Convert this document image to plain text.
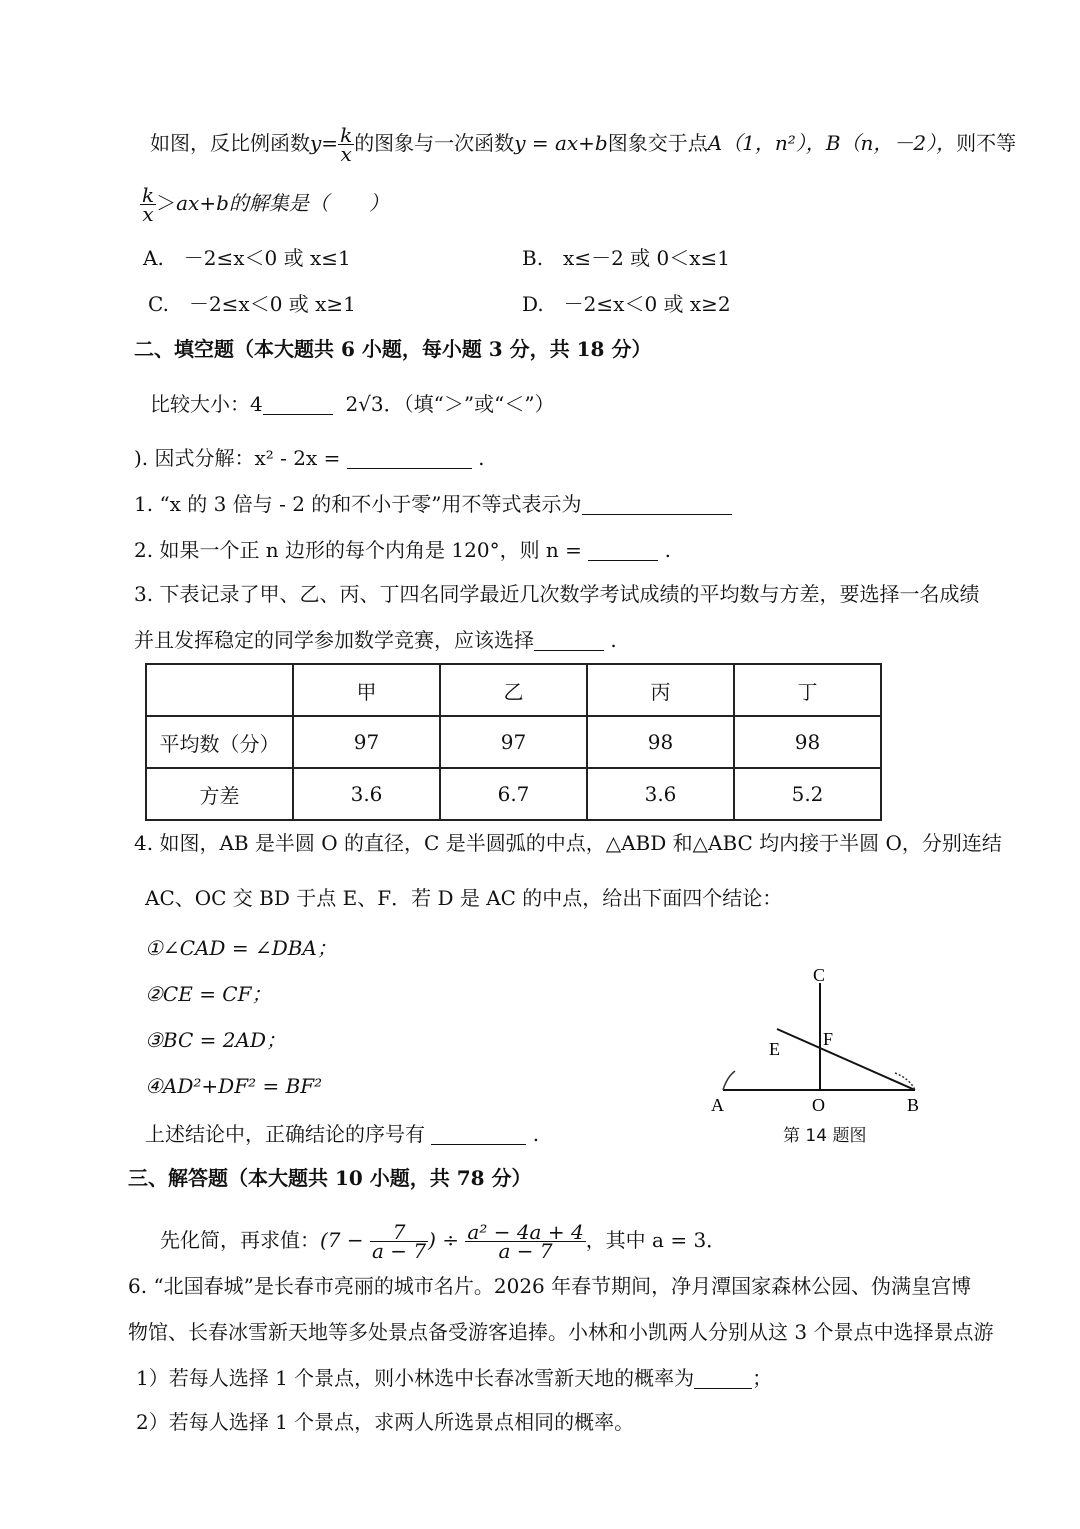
如图，反比例函数$y= \frac{k}{x}$ 的图象与一次函数y = ax+b图象交于点A（1，n²），B（n，－2），则不等
$\frac{k}{x} >ax+b$的解集是（　　）
A.　－2≤x＜0 或 x≤1	B.　x≤－2 或 0＜x≤1
C.　－2≤x＜0 或 x≥1	D.　－2≤x＜0 或 x≥2
二、填空题（本大题共 6 小题，每小题 3 分，共 18 分）
比较大小：4	2√3．（填“＞”或“＜”）
). 因式分解：x² - 2x =	.
1. “x 的 3 倍与 - 2 的和不小于零”用不等式表示为
2. 如果一个正 n 边形的每个内角是 120°，则 n =	.
3. 下表记录了甲、乙、丙、丁四名同学最近几次数学考试成绩的平均数与方差，要选择一名成绩
并且发挥稳定的同学参加数学竞赛，应该选择	.
	甲	乙	丙	丁
平均数（分）	97	97	98	98
方差	3.6	6.7	3.6	5.2
4. 如图，AB 是半圆 O 的直径，C 是半圆弧的中点，△ABD 和△ABC 均内接于半圆 O，分别连结
AC、OC 交 BD 于点 E、F．若 D 是 AC 的中点，给出下面四个结论：
①∠CAD = ∠DBA；
②CE = CF；
③BC = 2AD；
④AD²+DF² = BF²
上述结论中，正确结论的序号有	.
C
E F
A	O	B
第 14 题图
三、解答题（本大题共 10 小题，共 78 分）
先化简，再求值：($7 - \frac{7}{a - 7}$ ) ÷ $\frac{\text{a² − 4a + 4}}{a - 7}$ ，其中 a = 3．
6. “北国春城”是长春市亮丽的城市名片。2026 年春节期间，净月潭国家森林公园、伪满皇宫博
物馆、长春冰雪新天地等多处景点备受游客追捧。小林和小凯两人分别从这 3 个景点中选择景点游
1）若每人选择 1 个景点，则小林选中长春冰雪新天地的概率为	；
2）若每人选择 1 个景点，求两人所选景点相同的概率。
